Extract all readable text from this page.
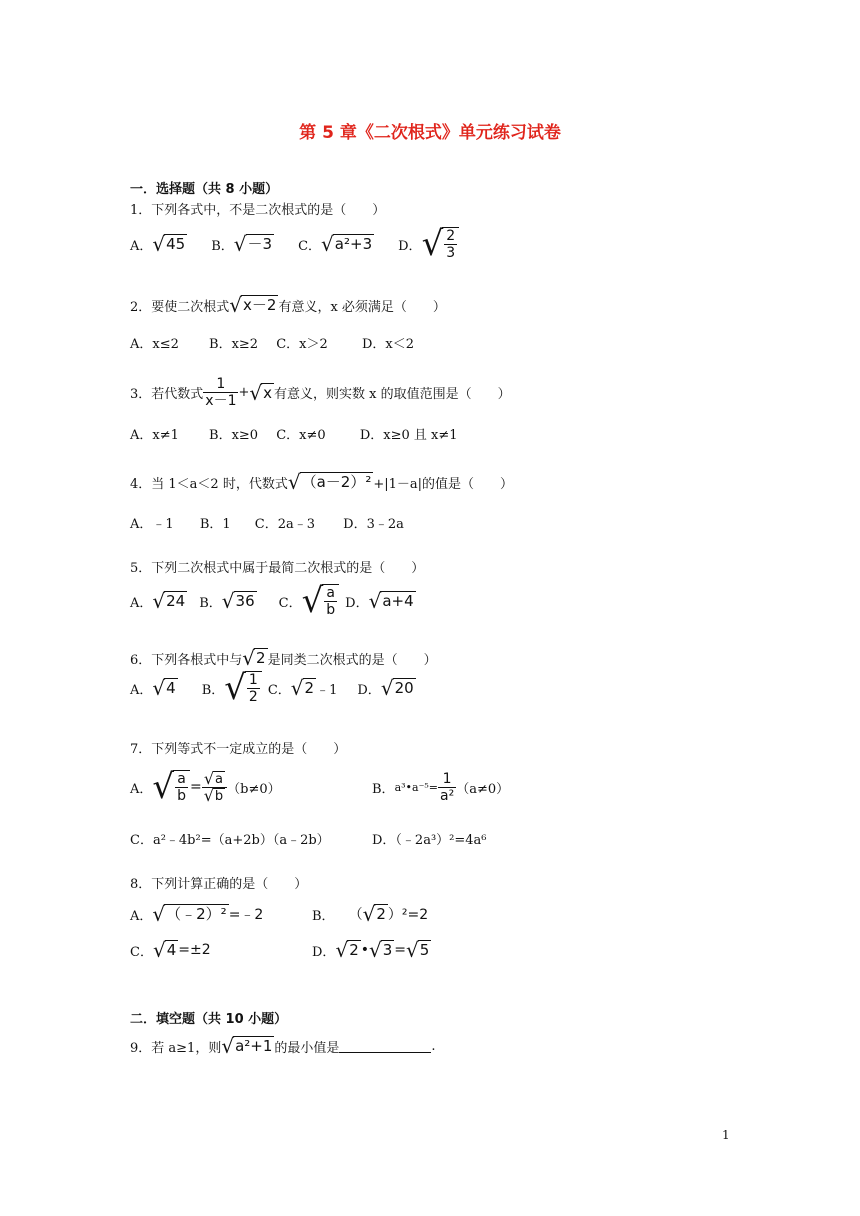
第 5 章《二次根式》单元练习试卷
一．选择题（共 8 小题）
1．下列各式中，不是二次根式的是（　　）
A． √ 45 B． √ －3 C． √ a²+3 D． √ $\frac{2}{3}$
2．要使二次根式 √ x－2 有意义，x 必须满足（　　）
A．x≤2 B．x≥2 C．x＞2	D．x＜2
3．若代数式 $\frac{1}{x-1}$ + √ x 有意义，则实数 x 的取值范围是（　　）
A．x≠1 B．x≥0 C．x≠0	D．x≥0 且 x≠1
4．当 1＜a＜2 时，代数式 √ （a－2）² +|1－a|的值是（　　）
A．﹣1 B．1 C．2a﹣3 D．3﹣2a
5．下列二次根式中属于最简二次根式的是（　　）
A． √ 24 B． √ 36 C． √ $\frac{a}{b}$ D． √ a+4
6．下列各根式中与 √ 2 是同类二次根式的是（　　）
A． √ 4 B． √ $\frac{1}{2}$ C． √ 2 ﹣1 D． √ 20
7．下列等式不一定成立的是（　　）
A． √ $\frac{a}{b} = \frac{√ a}{√ b} (b\ne 0)$	B． a³•a⁻⁵= $\frac{1}{\text{a²}} (a\ne 0)$
C．a²﹣4b²=（a+2b）（a﹣2b）	D．（﹣2a³）²=4a⁶
8．下列计算正确的是（　　）
A． √ （﹣2）² =﹣2	B． （ √ 2 ）²=2
C． √ 4 =±2	D． √ 2 • √ 3 = √ 5
二．填空题（共 10 小题）
9．若 a≥1，则 √ a²+1 的最小值是	.
1
